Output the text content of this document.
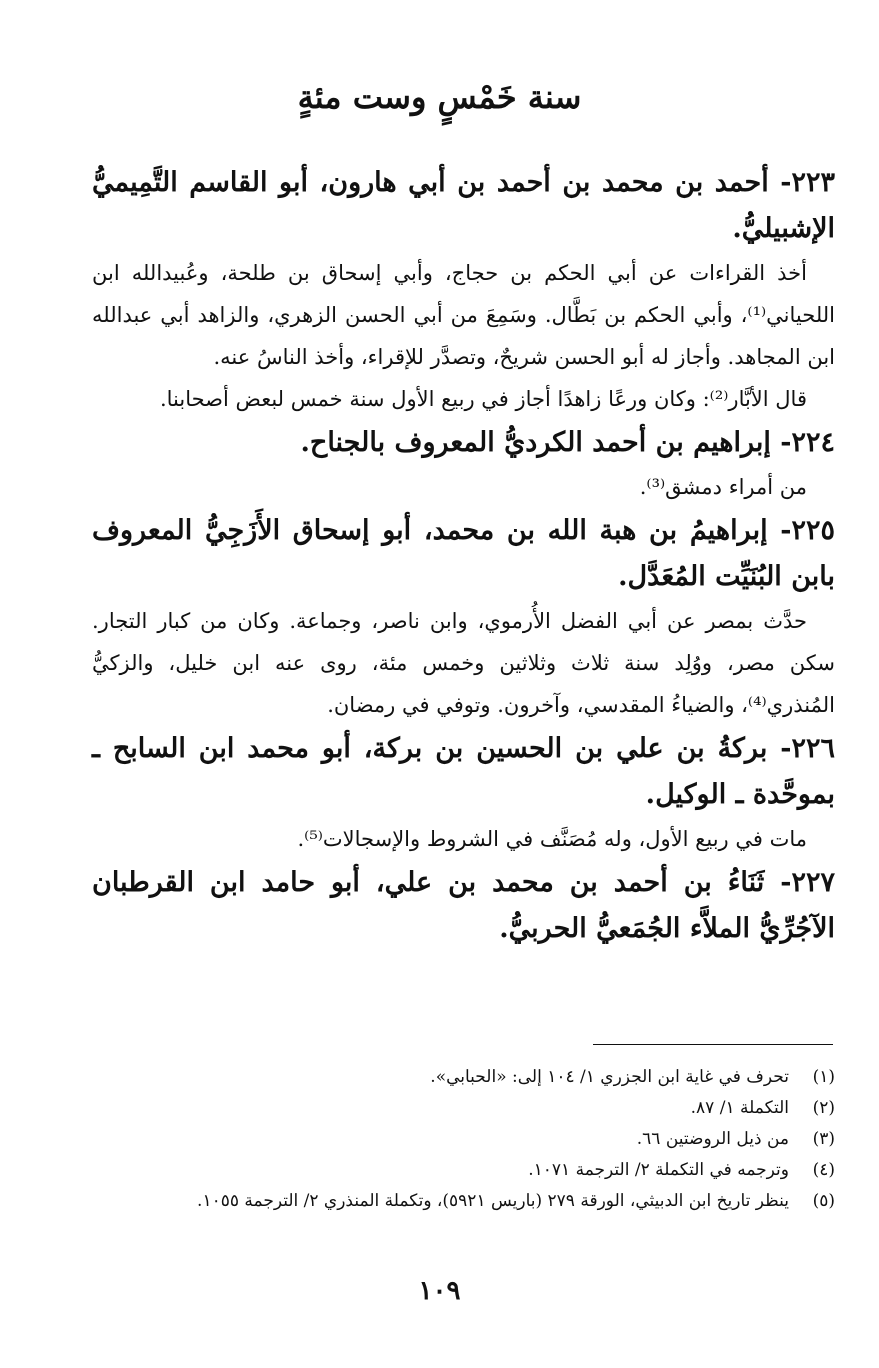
سنة خَمْسٍ وست مئةٍ
٢٢٣- أحمد بن محمد بن أحمد بن أبي هارون، أبو القاسم التَّمِيميُّ الإشبيليُّ.
أخذ القراءات عن أبي الحكم بن حجاج، وأبي إسحاق بن طلحة، وعُبيدالله ابن اللحياني⁽¹⁾، وأبي الحكم بن بَطَّال. وسَمِعَ من أبي الحسن الزهري، والزاهد أبي عبدالله ابن المجاهد. وأجاز له أبو الحسن شريحٌ، وتصدَّر للإقراء، وأخذ الناسُ عنه.
قال الأبَّار⁽²⁾: وكان ورعًا زاهدًا أجاز في ربيع الأول سنة خمس لبعض أصحابنا.
٢٢٤- إبراهيم بن أحمد الكرديُّ المعروف بالجناح.
من أمراء دمشق⁽³⁾.
٢٢٥- إبراهيمُ بن هبة الله بن محمد، أبو إسحاق الأَزَجِيُّ المعروف بابن البُنَيِّت المُعَدَّل.
حدَّث بمصر عن أبي الفضل الأُرموي، وابن ناصر، وجماعة. وكان من كبار التجار. سكن مصر، ووُلِد سنة ثلاث وثلاثين وخمس مئة، روى عنه ابن خليل، والزكيُّ المُنذري⁽⁴⁾، والضياءُ المقدسي، وآخرون. وتوفي في رمضان.
٢٢٦- بركةُ بن علي بن الحسين بن بركة، أبو محمد ابن السابح ـ بموحَّدة ـ الوكيل.
مات في ربيع الأول، وله مُصَنَّف في الشروط والإسجالات⁽⁵⁾.
٢٢٧- ثَنَاءُ بن أحمد بن محمد بن علي، أبو حامد ابن القرطبان الآجُرِّيُّ الملاَّء الجُمَعيُّ الحربيُّ.
(١)
تحرف في غاية ابن الجزري ١/ ١٠٤ إلى: «الحبابي».
(٢)
التكملة ١/ ٨٧.
(٣)
من ذيل الروضتين ٦٦.
(٤)
وترجمه في التكملة ٢/ الترجمة ١٠٧١.
(٥)
ينظر تاريخ ابن الدبيثي، الورقة ٢٧٩ (باريس ٥٩٢١)، وتكملة المنذري ٢/ الترجمة ١٠٥٥.
١٠٩
